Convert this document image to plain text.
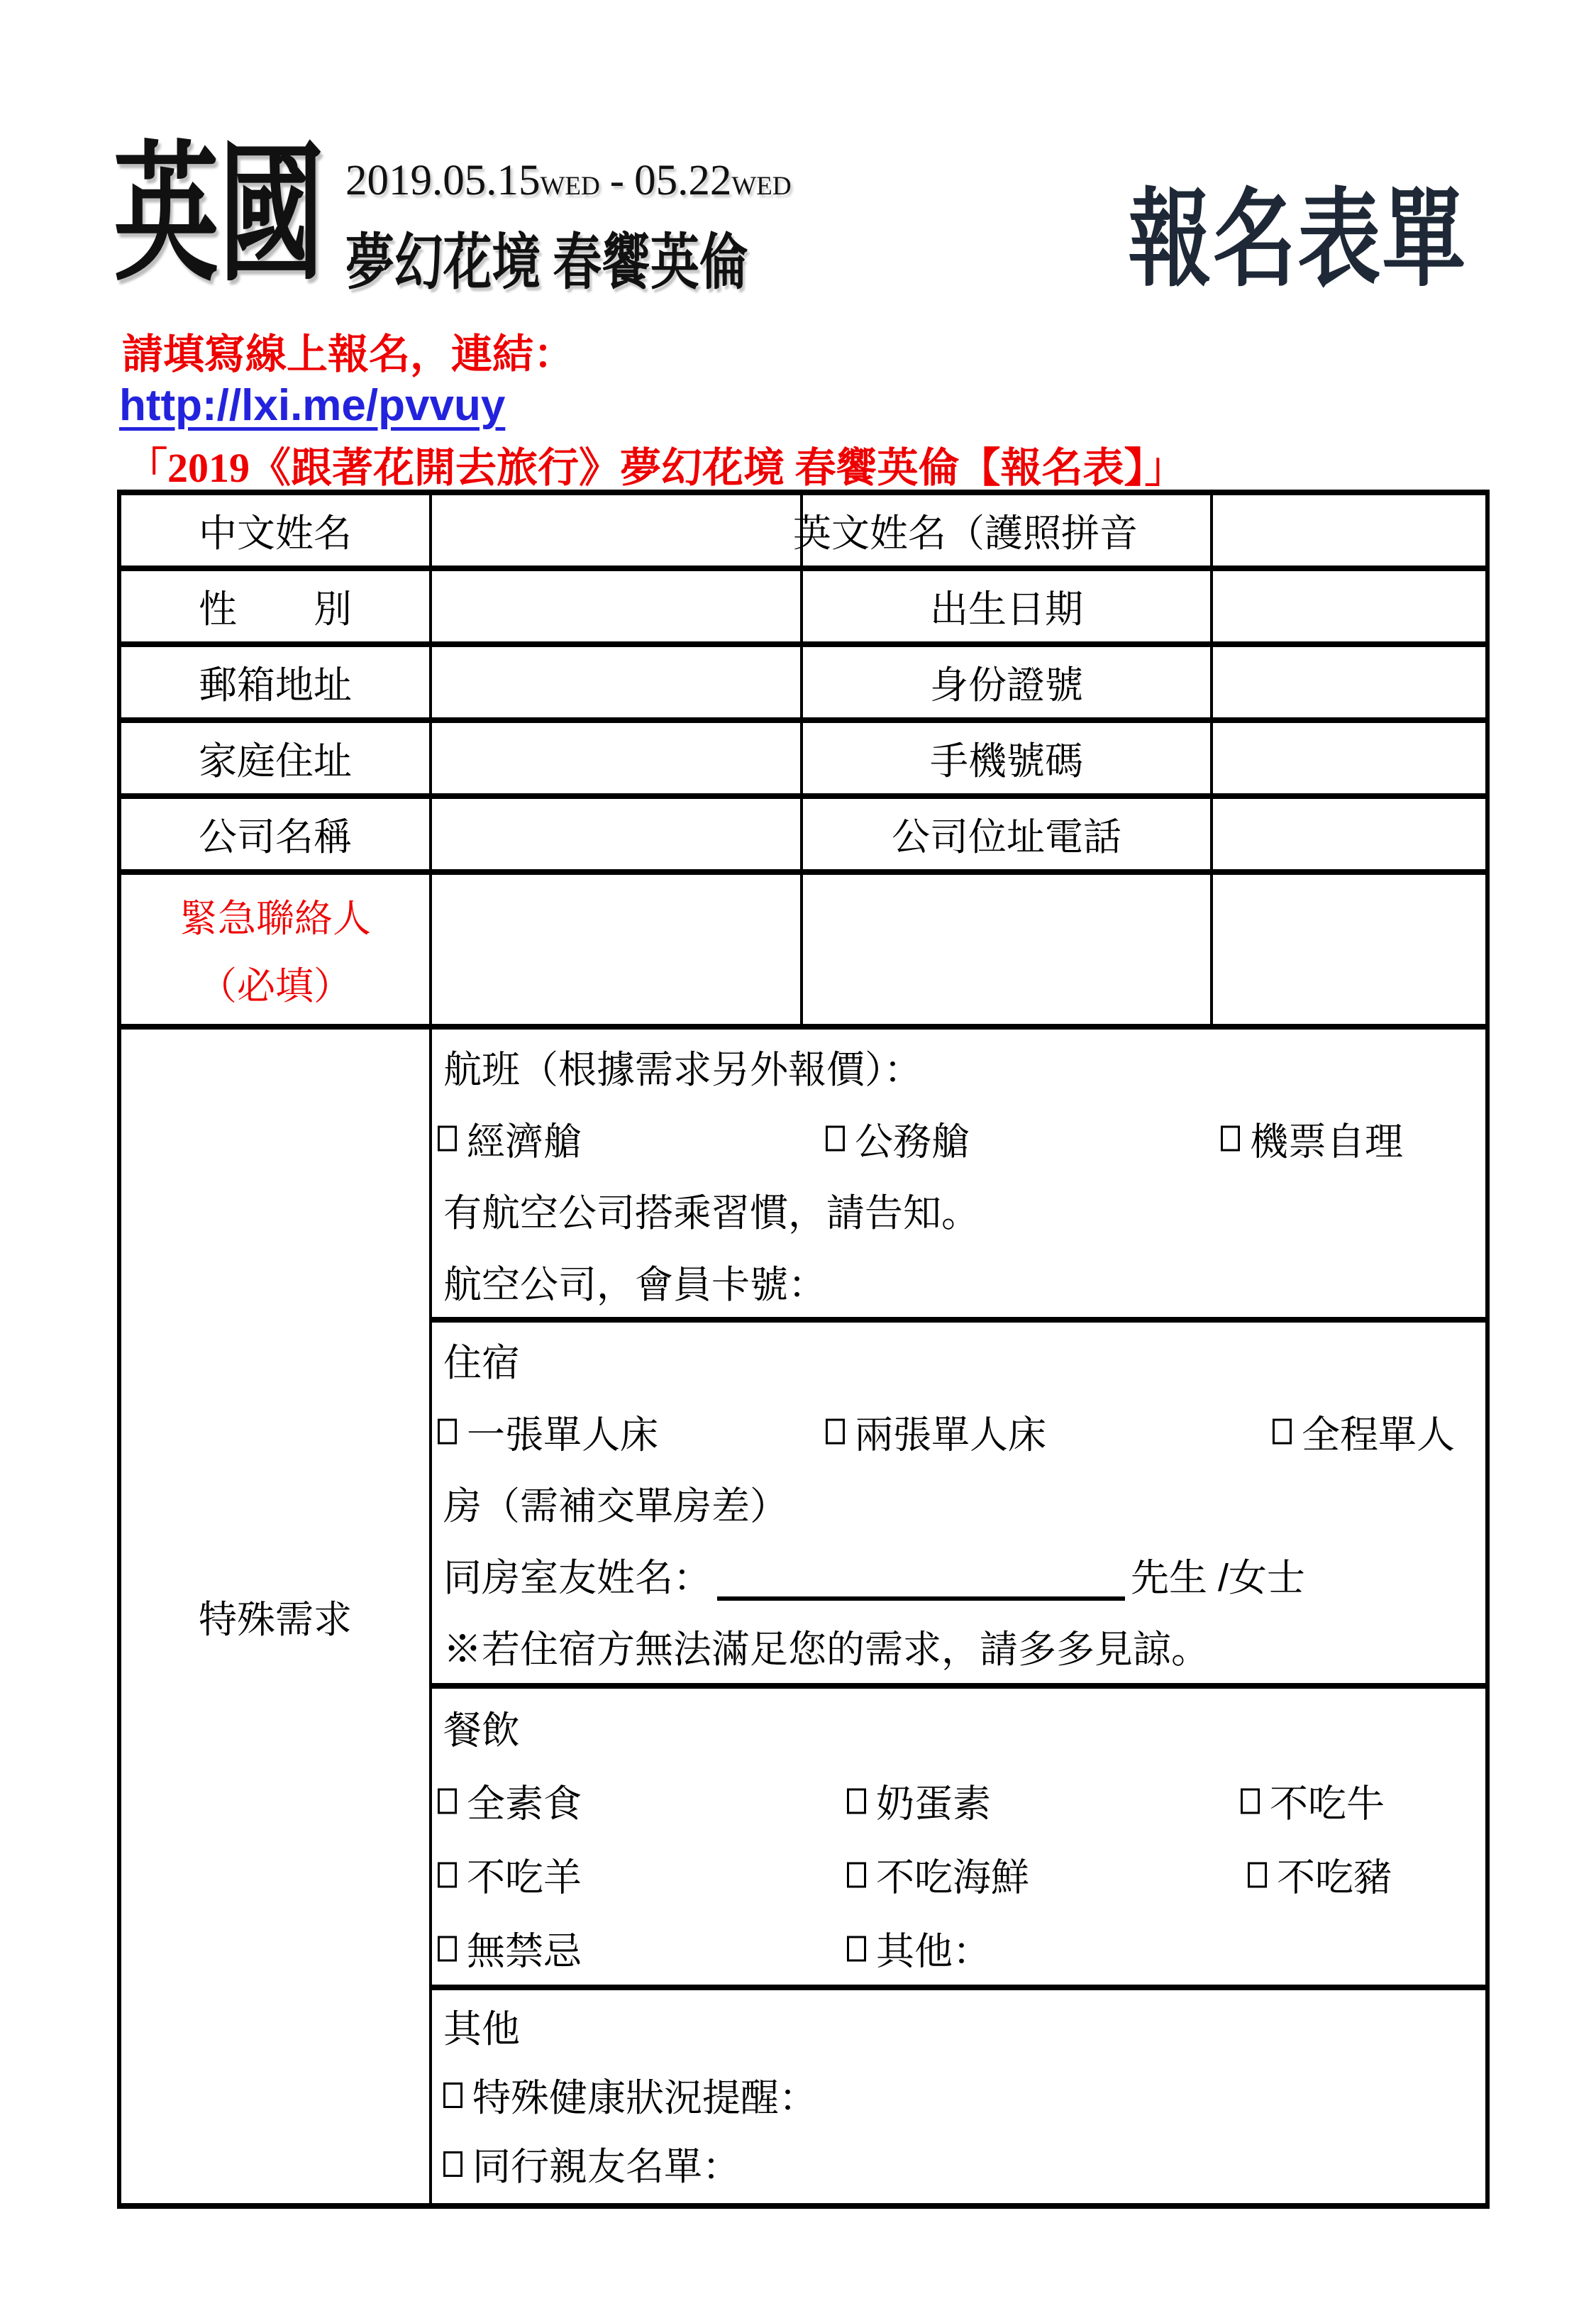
英國 2019.05.15WED - 05.22WED
夢幻花境 春饗英倫	報名表單
請填寫線上報名，連結：
http://lxi.me/pvvuy
「2019《跟著花開去旅行》夢幻花境 春饗英倫【報名表】」
中文姓名	英文姓名（護照拼音
性　　別	出生日期
郵箱地址	身份證號
家庭住址	手機號碼
公司名稱	公司位址電話
緊急聯絡人
（必填）
特殊需求
航班（根據需求另外報價）：
經濟艙	公務艙	機票自理
有航空公司搭乘習慣，請告知。
航空公司，會員卡號：
住宿
一張單人床	兩張單人床	全程單人
房（需補交單房差）
同房室友姓名：	先生 /女士
※若住宿方無法滿足您的需求，請多多見諒。
餐飲
全素食	奶蛋素	不吃牛
不吃羊	不吃海鮮	不吃豬
無禁忌	其他：
其他
特殊健康狀況提醒：
同行親友名單：
